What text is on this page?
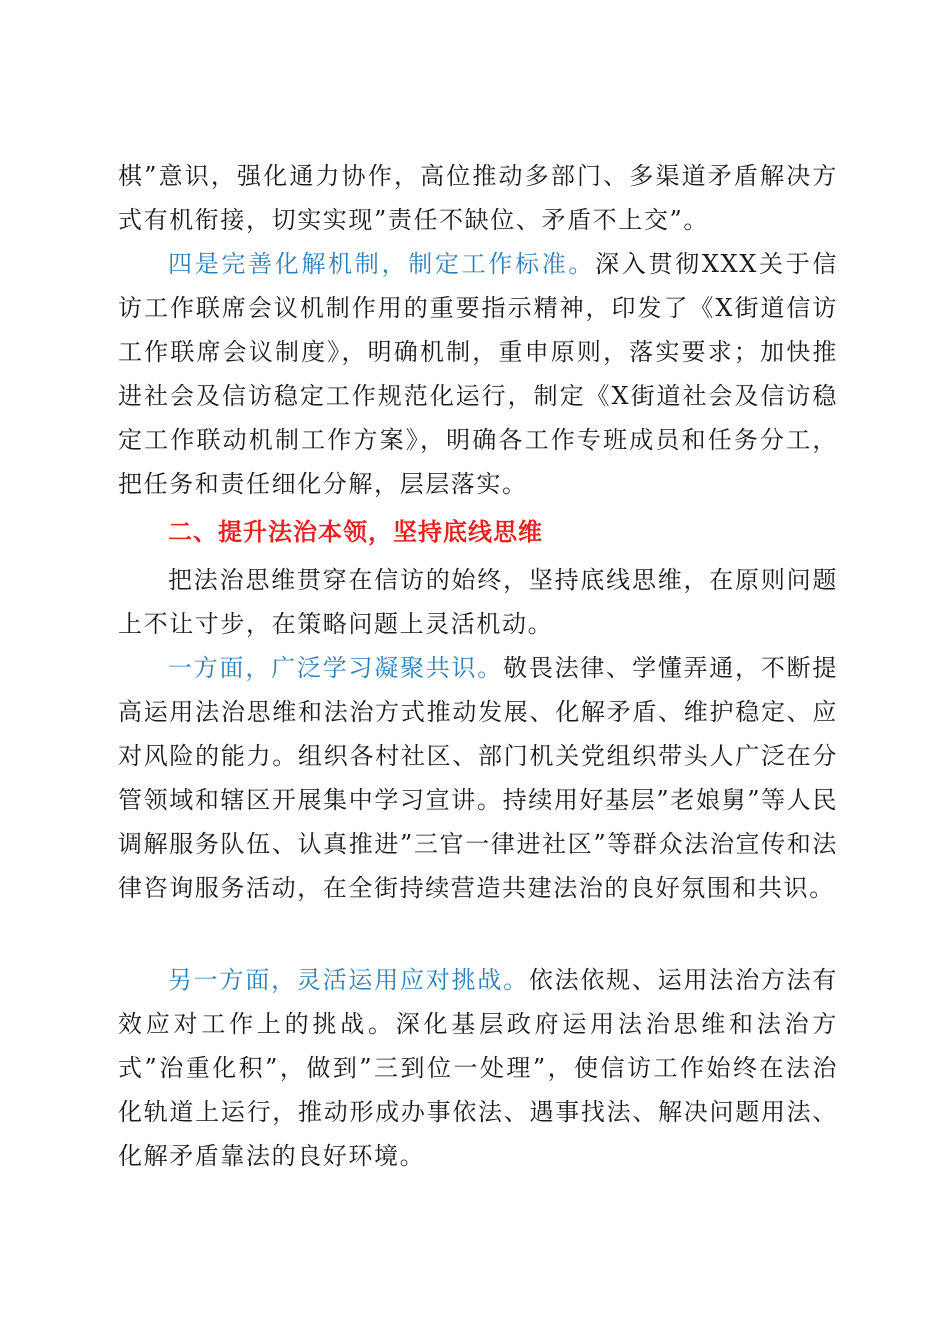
棋”意识，强化通力协作，高位推动多部门、多渠道矛盾解决方式有机衔接，切实实现”责任不缺位、矛盾不上交”。

四是完善化解机制，制定工作标准。深入贯彻XXX关于信访工作联席会议机制作用的重要指示精神，印发了《X街道信访工作联席会议制度》，明确机制，重申原则，落实要求；加快推进社会及信访稳定工作规范化运行，制定《X街道社会及信访稳定工作联动机制工作方案》，明确各工作专班成员和任务分工，把任务和责任细化分解，层层落实。

二、提升法治本领，坚持底线思维

把法治思维贯穿在信访的始终，坚持底线思维，在原则问题上不让寸步，在策略问题上灵活机动。

一方面，广泛学习凝聚共识。敬畏法律、学懂弄通，不断提高运用法治思维和法治方式推动发展、化解矛盾、维护稳定、应对风险的能力。组织各村社区、部门机关党组织带头人广泛在分管领域和辖区开展集中学习宣讲。持续用好基层”老娘舅”等人民调解服务队伍、认真推进”三官一律进社区”等群众法治宣传和法律咨询服务活动，在全街持续营造共建法治的良好氛围和共识。

另一方面，灵活运用应对挑战。依法依规、运用法治方法有效应对工作上的挑战。深化基层政府运用法治思维和法治方式”治重化积”，做到”三到位一处理”，使信访工作始终在法治化轨道上运行，推动形成办事依法、遇事找法、解决问题用法、化解矛盾靠法的良好环境。
